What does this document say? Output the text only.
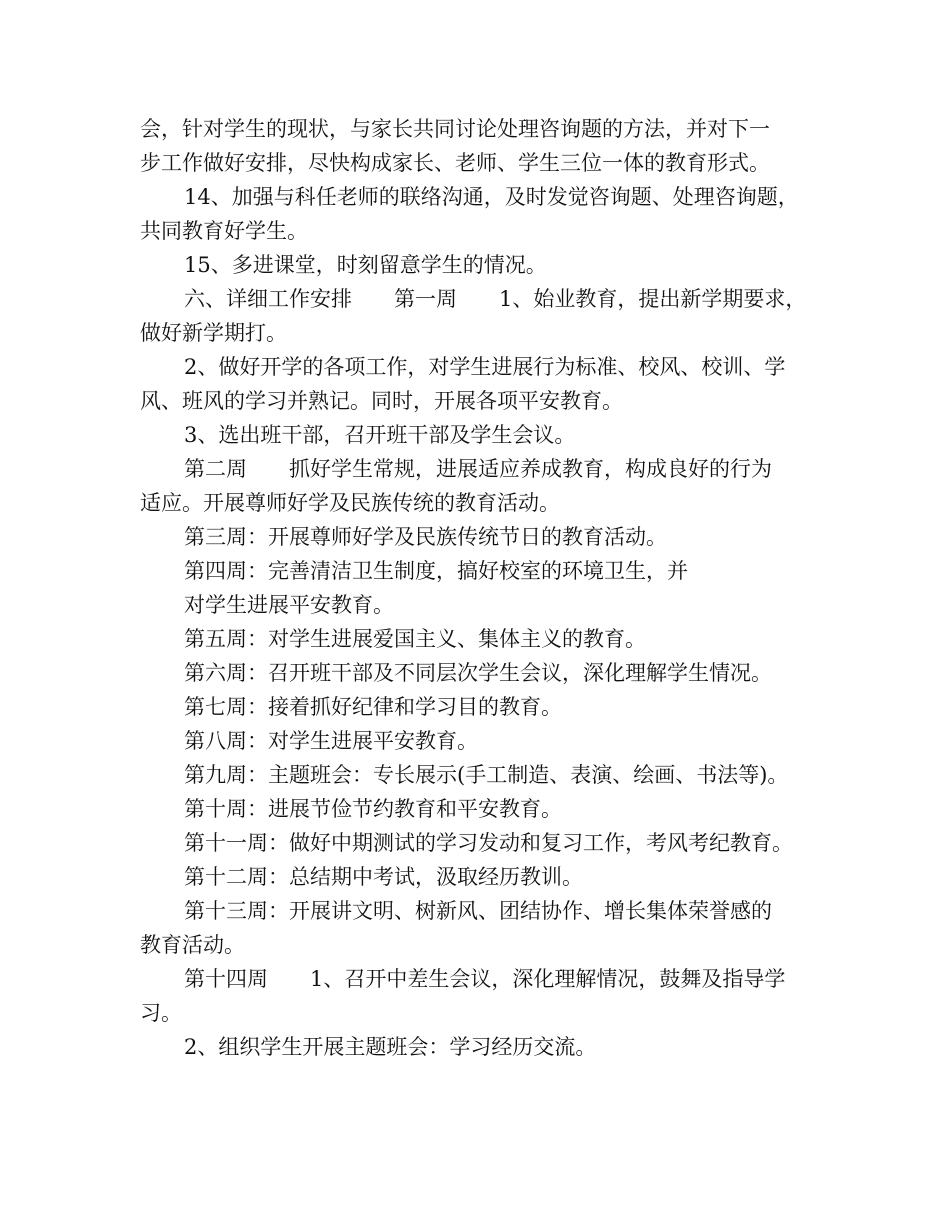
会，针对学生的现状，与家长共同讨论处理咨询题的方法，并对下一
步工作做好安排，尽快构成家长、老师、学生三位一体的教育形式。
14、加强与科任老师的联络沟通，及时发觉咨询题、处理咨询题，
共同教育好学生。
15、多进课堂，时刻留意学生的情况。
六、详细工作安排　　第一周　　1、始业教育，提出新学期要求，
做好新学期打。
2、做好开学的各项工作，对学生进展行为标准、校风、校训、学
风、班风的学习并熟记。同时，开展各项平安教育。
3、选出班干部，召开班干部及学生会议。
第二周　　抓好学生常规，进展适应养成教育，构成良好的行为
适应。开展尊师好学及民族传统的教育活动。
第三周：开展尊师好学及民族传统节日的教育活动。
第四周：完善清洁卫生制度，搞好校室的环境卫生，并
对学生进展平安教育。
第五周：对学生进展爱国主义、集体主义的教育。
第六周：召开班干部及不同层次学生会议，深化理解学生情况。
第七周：接着抓好纪律和学习目的教育。
第八周：对学生进展平安教育。
第九周：主题班会：专长展示(手工制造、表演、绘画、书法等)。
第十周：进展节俭节约教育和平安教育。
第十一周：做好中期测试的学习发动和复习工作，考风考纪教育。
第十二周：总结期中考试，汲取经历教训。
第十三周：开展讲文明、树新风、团结协作、增长集体荣誉感的
教育活动。
第十四周　　1、召开中差生会议，深化理解情况，鼓舞及指导学
习。
2、组织学生开展主题班会：学习经历交流。
